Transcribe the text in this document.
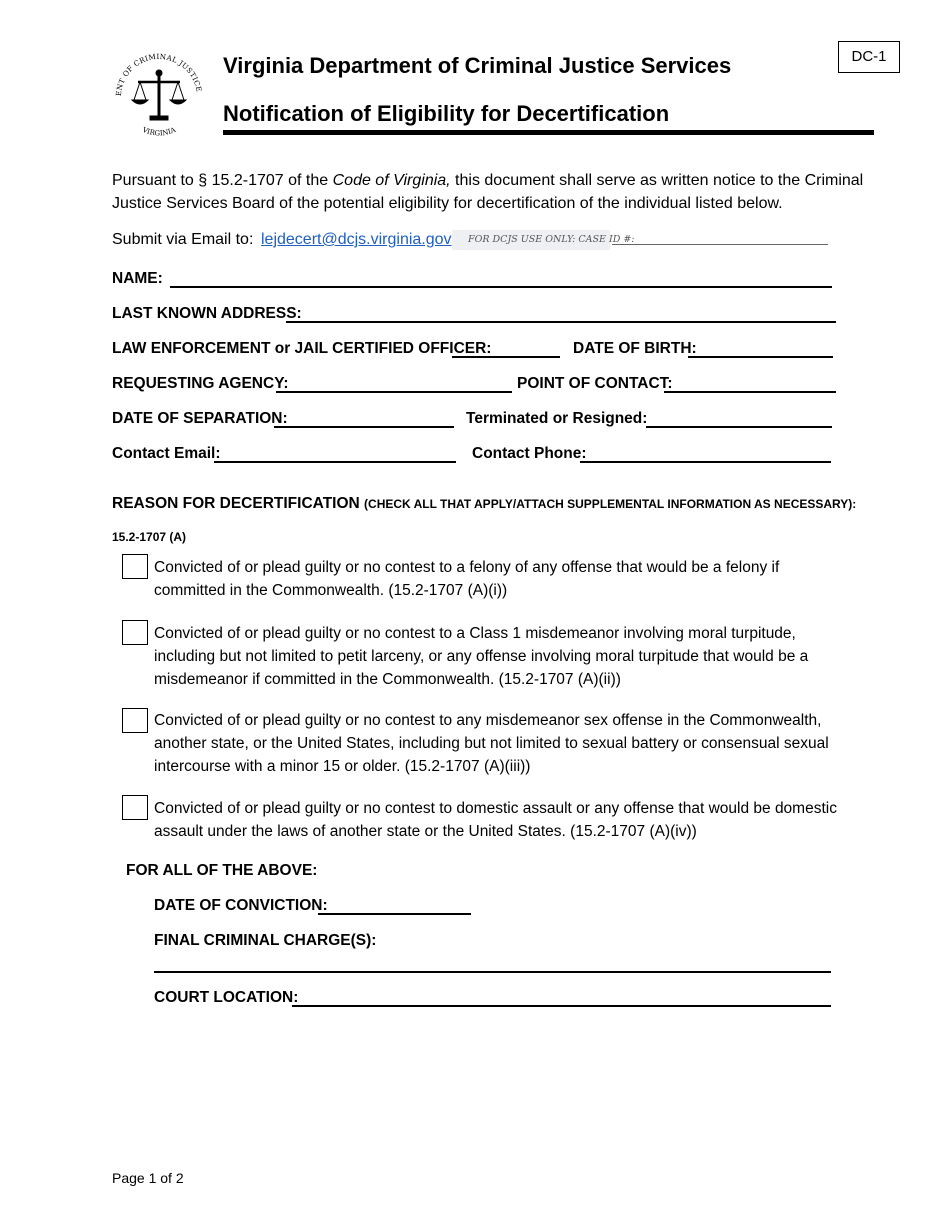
ENT OF CRIMINAL JUSTICE
VIRGINIA
Virginia Department of Criminal Justice Services
Notification of Eligibility for Decertification
DC-1
Pursuant to § 15.2-1707 of the Code of Virginia, this document shall serve as written notice to the Criminal Justice Services Board of the potential eligibility for decertification of the individual listed below.
Submit via Email to: lejdecert@dcjs.virginia.gov FOR DCJS USE ONLY: CASE ID #:
NAME:
LAST KNOWN ADDRESS:
LAW ENFORCEMENT or JAIL CERTIFIED OFFICER:	DATE OF BIRTH:
REQUESTING AGENCY:	POINT OF CONTACT:
DATE OF SEPARATION:	Terminated or Resigned:
Contact Email:	Contact Phone:
REASON FOR DECERTIFICATION (CHECK ALL THAT APPLY/ATTACH SUPPLEMENTAL INFORMATION AS NECESSARY):
15.2-1707 (A)
Convicted of or plead guilty or no contest to a felony of any offense that would be a felony if committed in the Commonwealth. (15.2-1707 (A)(i))
Convicted of or plead guilty or no contest to a Class 1 misdemeanor involving moral turpitude, including but not limited to petit larceny, or any offense involving moral turpitude that would be a misdemeanor if committed in the Commonwealth. (15.2-1707 (A)(ii))
Convicted of or plead guilty or no contest to any misdemeanor sex offense in the Commonwealth, another state, or the United States, including but not limited to sexual battery or consensual sexual intercourse with a minor 15 or older. (15.2-1707 (A)(iii))
Convicted of or plead guilty or no contest to domestic assault or any offense that would be domestic assault under the laws of another state or the United States. (15.2-1707 (A)(iv))
FOR ALL OF THE ABOVE:
DATE OF CONVICTION:
FINAL CRIMINAL CHARGE(S):
COURT LOCATION:
Page 1 of 2
